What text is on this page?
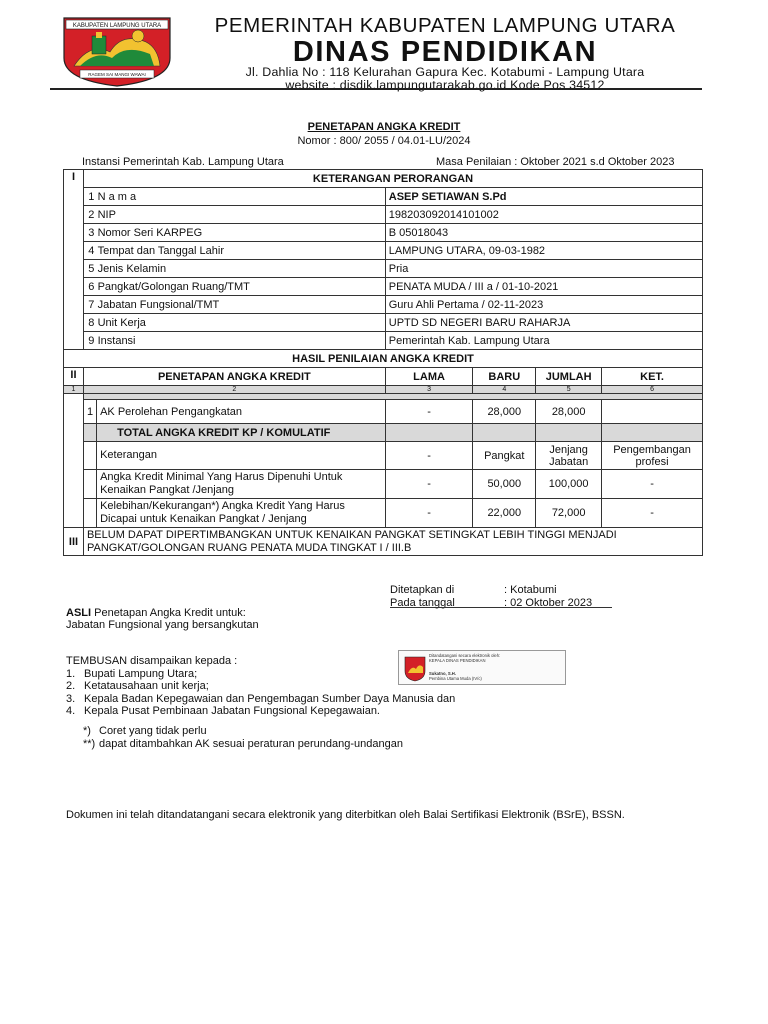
KABUPATEN LAMPUNG UTARA
RAGEM SAI MANGI WAWAI
PEMERINTAH KABUPATEN LAMPUNG UTARA
DINAS PENDIDIKAN
Jl. Dahlia No : 118 Kelurahan Gapura Kec. Kotabumi - Lampung Utara
website : disdik.lampungutarakab.go.id Kode Pos 34512
PENETAPAN ANGKA KREDIT
Nomor : 800/ 2055 / 04.01-LU/2024
Instansi Pemerintah Kab. Lampung Utara	Masa Penilaian : Oktober 2021 s.d Oktober 2023
I	KETERANGAN PERORANGAN					
	1	N a m a	ASEP SETIAWAN S.Pd			
	2	NIP	198203092014101002			
	3	Nomor Seri KARPEG	B 05018043			
	4	Tempat dan Tanggal Lahir	LAMPUNG UTARA, 09-03-1982			
	5	Jenis Kelamin	Pria			
	6	Pangkat/Golongan Ruang/TMT	PENATA MUDA / III a / 01-10-2021			
	7	Jabatan Fungsional/TMT	Guru Ahli Pertama / 02-11-2023			
	8	Unit Kerja	UPTD SD NEGERI BARU RAHARJA			
	9	Instansi	Pemerintah Kab. Lampung Utara			
HASIL PENILAIAN ANGKA KREDIT						
II	PENETAPAN ANGKA KREDIT		LAMA	BARU	JUMLAH	KET.
1	2		3	4	5	6

	1	AK Perolehan Pengangkatan	-	28,000	28,000	
		TOTAL ANGKA KREDIT KP / KOMULATIF				
		Keterangan	-	Pangkat	Jenjang Jabatan	Pengembangan profesi
		Angka Kredit Minimal Yang Harus Dipenuhi Untuk Kenaikan Pangkat /Jenjang	-	50,000	100,000	-
		Kelebihan/Kekurangan*) Angka Kredit Yang Harus Dicapai untuk Kenaikan Pangkat / Jenjang	-	22,000	72,000	-
III	BELUM DAPAT DIPERTIMBANGKAN UNTUK KENAIKAN PANGKAT SETINGKAT LEBIH TINGGI MENJADI PANGKAT/GOLONGAN RUANG PENATA MUDA TINGKAT I / III.B					
Ditetapkan di	: Kotabumi
Pada tanggal	: 02 Oktober 2023
ASLI Penetapan Angka Kredit untuk:
Jabatan Fungsional yang bersangkutan
Ditandatangani secara elektronik oleh:
KEPALA DINAS PENDIDIKAN
Sukatno, S.H.
Pembina Utama Muda (IV/c)
TEMBUSAN disampaikan kepada :
1. Bupati Lampung Utara;
2. Ketatausahaan unit kerja;
3. Kepala Badan Kepegawaian dan Pengembagan Sumber Daya Manusia dan
4. Kepala Pusat Pembinaan Jabatan Fungsional Kepegawaian.
*) Coret yang tidak perlu
**) dapat ditambahkan AK sesuai peraturan perundang-undangan
Dokumen ini telah ditandatangani secara elektronik yang diterbitkan oleh Balai Sertifikasi Elektronik (BSrE), BSSN.
